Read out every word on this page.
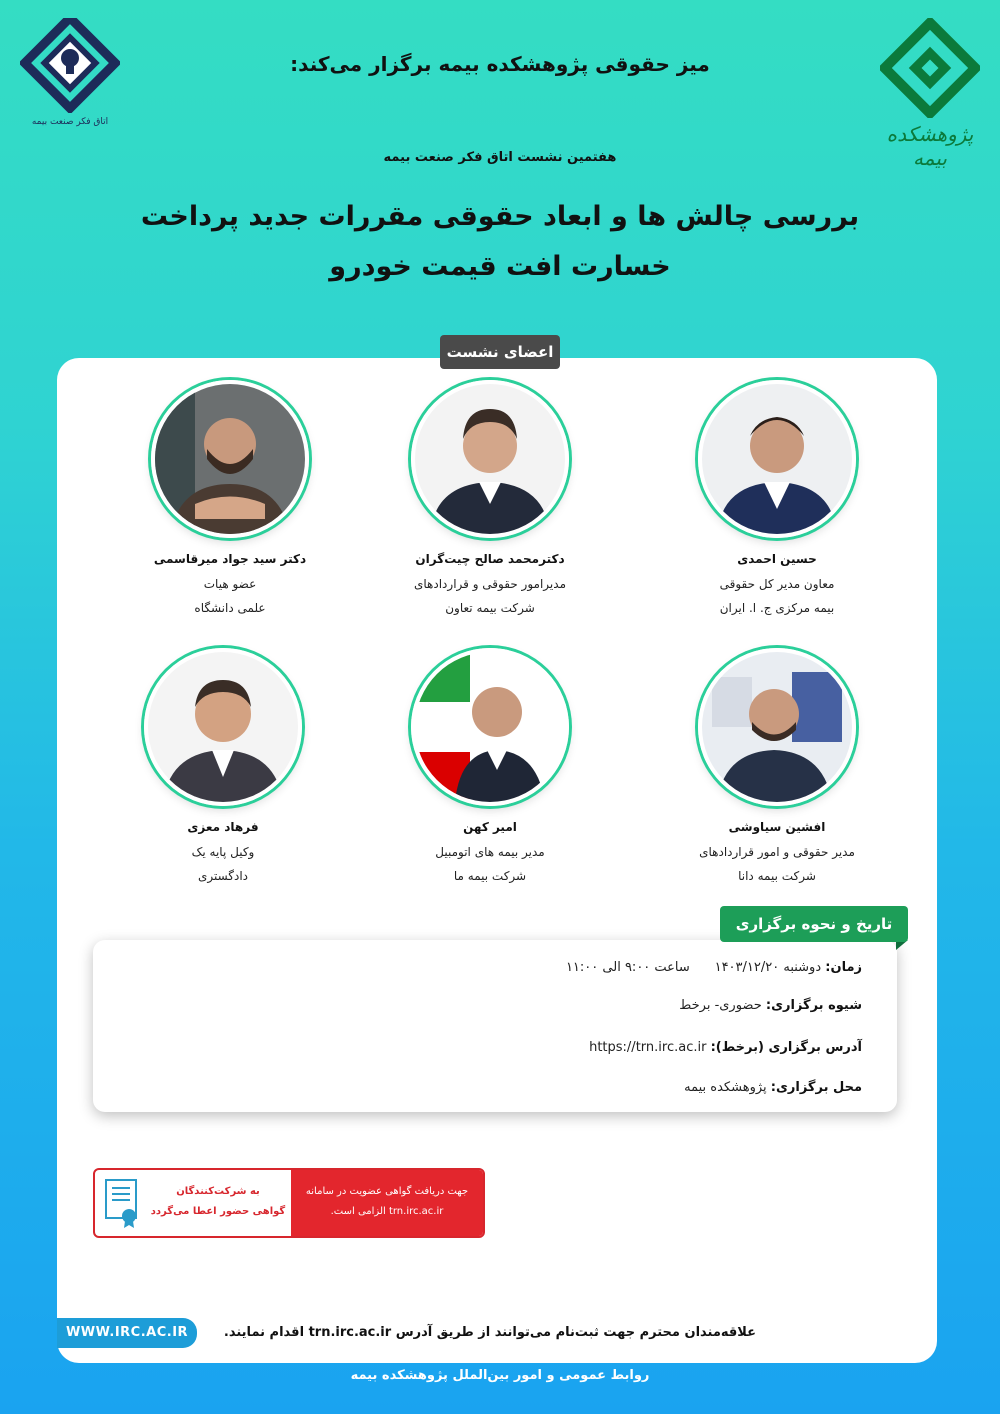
اتاق فکر صنعت بیمه	پژوهشکده بیمه
میز حقوقی پژوهشکده بیمه برگزار می‌کند:
هفتمین نشست اتاق فکر صنعت بیمه
بررسی چالش ها و ابعاد حقوقی مقررات جدید پرداخت
خسارت افت قیمت خودرو
اعضای نشست
حسین احمدی
معاون مدیر کل حقوقی
بیمه مرکزی ج. ا. ایران
دکترمحمد صالح چیت‌گران
مدیرامور حقوقی و قراردادهای
شرکت بیمه تعاون
دکتر سید جواد میرقاسمی
عضو هیات
علمی دانشگاه
افشین سیاوشی
مدیر حقوقی و امور قراردادهای
شرکت بیمه دانا
امیر کهن
مدیر بیمه های اتومبیل
شرکت بیمه ما
فرهاد معزی
وکیل پایه یک
دادگستری
زمان: دوشنبه ۱۴۰۳/۱۲/۲۰      ساعت ۹:۰۰ الی ۱۱:۰۰
شیوه برگزاری: حضوری- برخط
آدرس برگزاری (برخط): https://trn.irc.ac.ir
محل برگزاری: پژوهشکده بیمه
تاریخ و نحوه برگزاری
به شرکت‌کنندگان
گواهی حضور اعطا می‌گردد
جهت دریافت گواهی عضویت در سامانه
trn.irc.ac.ir الزامی است.
WWW.IRC.AC.IR	علاقه‌مندان محترم جهت ثبت‌نام می‌توانند از طریق آدرس trn.irc.ac.ir اقدام نمایند.
روابط عمومی و امور بین‌الملل پژوهشکده بیمه
